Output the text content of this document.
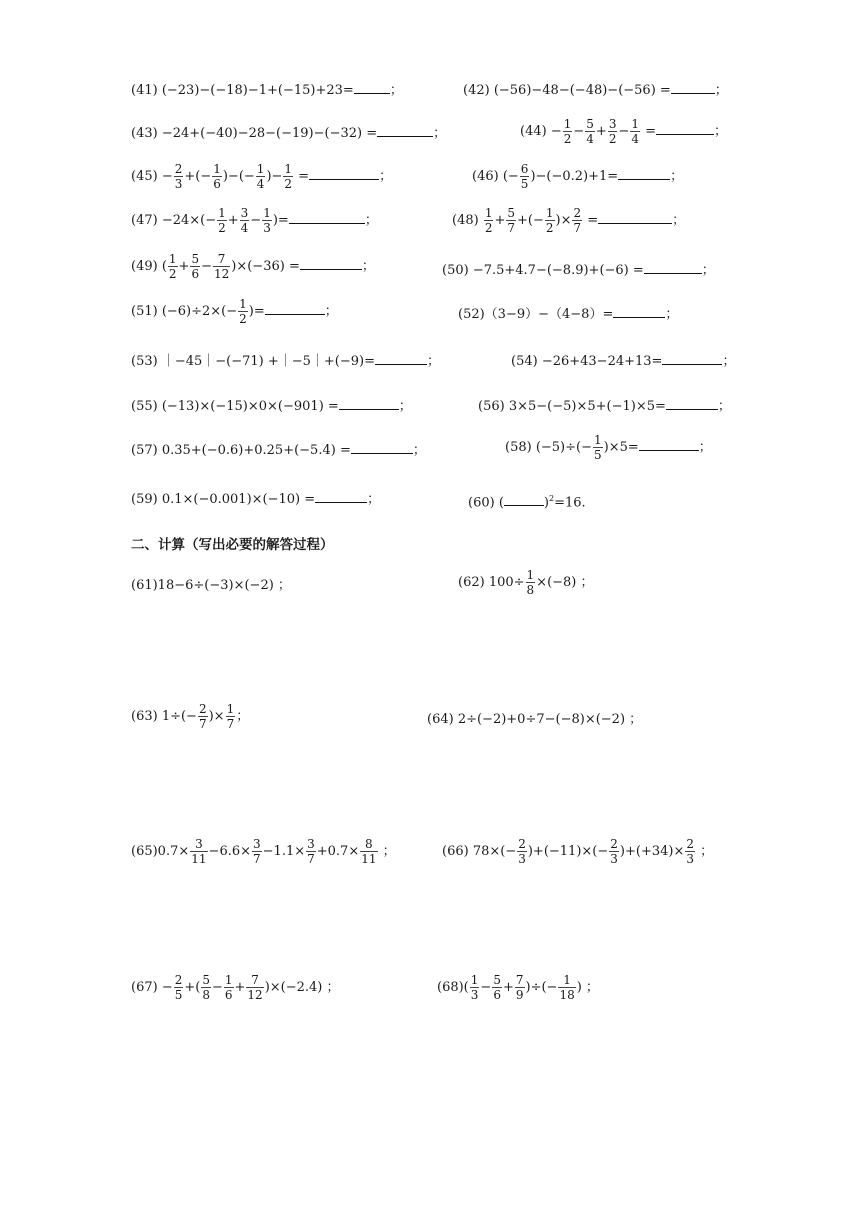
(41) (−23)−(−18)−1+(−15)+23=	；	(42) (−56)−48−(−48)−(−56) =	；
(43) −24+(−40)−28−(−19)−(−32) =	；	$(44) - \frac{1}{2} - \frac{5}{4} + \frac{3}{2} - \frac{1}{4}$ =	；
$(45) - \frac{2}{3}$ +(− $\frac{1}{6}$ )−(− $\frac{1}{4}$ )− $\frac{1}{2}$ =	；	(46) (− $\frac{6}{5} )-(-0.2)+1=$	；
$(47) -24\times(- \frac{1}{2} + \frac{3}{4} - \frac{1}{3}$ )=	；	$(48) \frac{1}{2} + \frac{5}{7}$ +(− $\frac{1}{2}$ )× $\frac{2}{7}$ =	；
(49) ( $\frac{1}{2} + \frac{5}{6} - \frac{7}{12} )\times(-36)$ =	；	(50) −7.5+4.7−(−8.9)+(−6) =	；
(51) $(-6)\div 2\times(- \frac{1}{2}$ )=	；	(52)（3−9）−（4−8）=	；
(53) ｜−45｜−(−71) +｜−5｜+(−9)=	；	(54) −26+43−24+13=	；
(55) (−13)×(−15)×0×(−901) =	；	(56) 3×5−(−5)×5+(−1)×5=	；
(57) 0.35+(−0.6)+0.25+(−5.4) =	；	(58) $(-5)\div(- \frac{1}{5} )\times 5=$	；
(59) 0.1×(−0.001)×(−10) =	；	(60) (	)$^2$=16.
二、计算（写出必要的解答过程）
(61)18−6÷(−3)×(−2) ；	(62) $100\div \frac{1}{8} \times(-8)$ ；
(63) $1\div(- \frac{2}{7}$ )× $\frac{1}{7}$ ；	(64) 2÷(−2)+0÷7−(−8)×(−2) ；
$(65)0.7\times \frac{3}{11} -6.6\times \frac{3}{7} -1.1\times \frac{3}{7} +0.7\times \frac{8}{11}$ ；	(66) $78\times(- \frac{2}{3} )+(-11)\times(- \frac{2}{3} )+(+34)\times \frac{2}{3}$ ；
$(67) - \frac{2}{5}$ +( $\frac{5}{8} - \frac{1}{6} + \frac{7}{12} )\times(-2.4)$ ；	$(68)( \frac{1}{3} - \frac{5}{6} + \frac{7}{9}$ )÷(− $\frac{1}{18}$ ) ；
